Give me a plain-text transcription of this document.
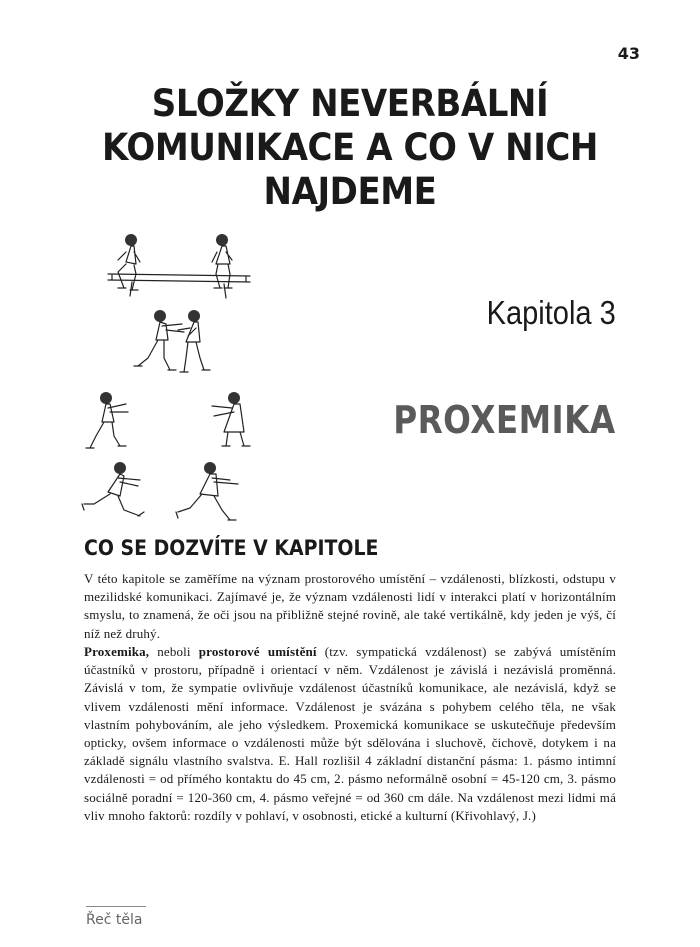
43
SLOŽKY NEVERBÁLNÍ
KOMUNIKACE A CO V NICH
NAJDEME
Kapitola 3
PROXEMIKA
CO SE DOZVÍTE V KAPITOLE

V této kapitole se zaměříme na význam prostorového umístění – vzdálenosti, blízkosti, odstupu v mezilidské komunikaci. Zajímavé je, že význam vzdálenosti lidí v interakci platí v horizontálním smyslu, to znamená, že oči jsou na přibližně stejné rovině, ale také vertikálně, kdy jeden je výš, čí níž než druhý.

Proxemika, neboli prostorové umístění (tzv. sympatická vzdálenost) se zabývá umístěním účastníků v prostoru, případně i orientací v něm. Vzdálenost je závislá i nezávislá proměnná. Závislá v tom, že sympatie ovlivňuje vzdálenost účastníků komunikace, ale nezávislá, když se vlivem vzdálenosti mění informace. Vzdálenost je svázána s pohybem celého těla, ne však vlastním pohybováním, ale jeho výsledkem. Proxemická komunikace se uskutečňuje především opticky, ovšem informace o vzdálenosti může být sdělována i sluchově, čichově, dotykem i na základě signálu vlastního svalstva. E. Hall rozlišil 4 základní distanční pásma: 1. pásmo intimní vzdálenosti = od přímého kontaktu do 45 cm, 2. pásmo neformálně osobní = 45-120 cm, 3. pásmo sociálně poradní = 120-360 cm, 4. pásmo veřejné = od 360 cm dále. Na vzdálenost mezi lidmi má vliv mnoho faktorů: rozdíly v pohlaví, v osobnosti, etické a kulturní (Křivohlavý, J.)

Řeč těla
